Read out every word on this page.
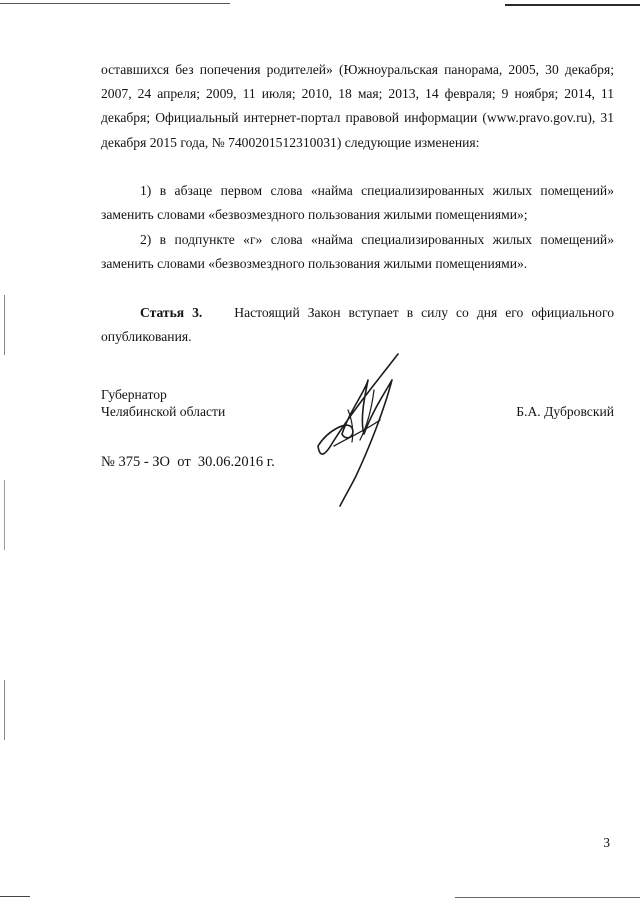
оставшихся без попечения родителей» (Южноуральская панорама, 2005, 30 декабря; 2007, 24 апреля; 2009, 11 июля; 2010, 18 мая; 2013, 14 февраля; 9 ноября; 2014, 11 декабря; Официальный интернет-портал правовой информации (www.pravo.gov.ru), 31 декабря 2015 года, № 7400201512310031) следующие изменения:
1) в абзаце первом слова «найма специализированных жилых помещений» заменить словами «безвозмездного пользования жилыми помещениями»;
2) в подпункте «г» слова «найма специализированных жилых помещений» заменить словами «безвозмездного пользования жилыми помещениями».
Статья 3. Настоящий Закон вступает в силу со дня его официального опубликования.
Губернатор
Челябинской области	Б.А. Дубровский
№ 375 - ЗО  от  30.06.2016 г.
3
